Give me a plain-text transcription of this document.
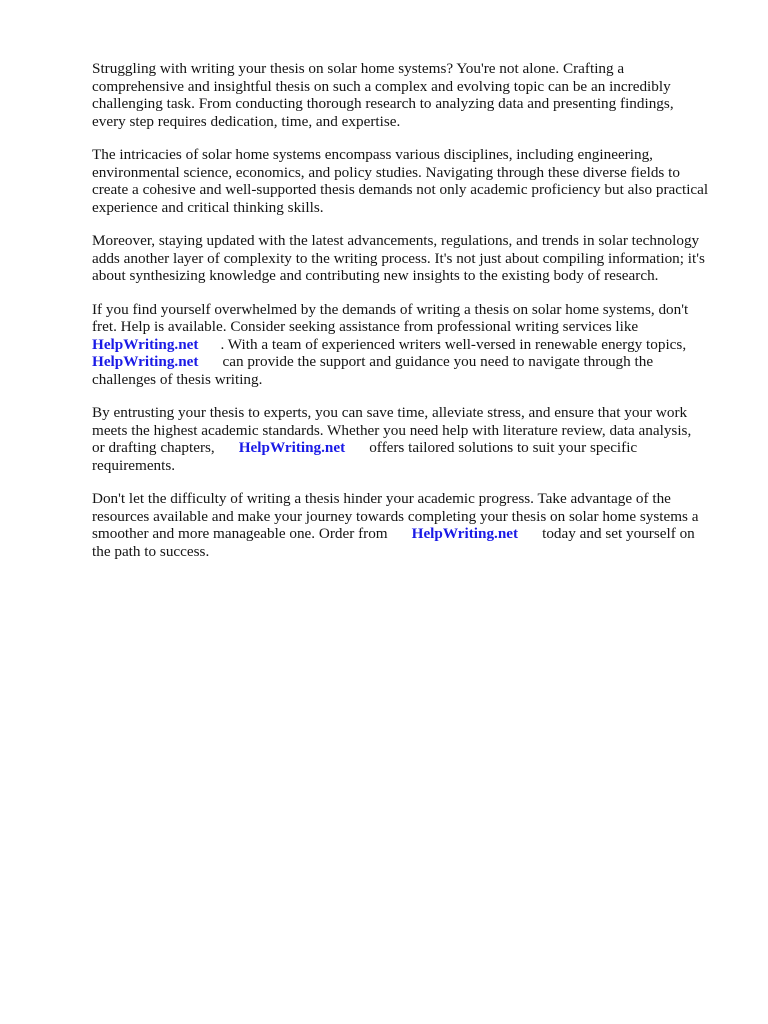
Struggling with writing your thesis on solar home systems? You're not alone. Crafting a
comprehensive and insightful thesis on such a complex and evolving topic can be an incredibly
challenging task. From conducting thorough research to analyzing data and presenting findings,
every step requires dedication, time, and expertise.

The intricacies of solar home systems encompass various disciplines, including engineering,
environmental science, economics, and policy studies. Navigating through these diverse fields to
create a cohesive and well-supported thesis demands not only academic proficiency but also practical
experience and critical thinking skills.

Moreover, staying updated with the latest advancements, regulations, and trends in solar technology
adds another layer of complexity to the writing process. It's not just about compiling information; it's
about synthesizing knowledge and contributing new insights to the existing body of research.

If you find yourself overwhelmed by the demands of writing a thesis on solar home systems, don't
fret. Help is available. Consider seeking assistance from professional writing services like
HelpWriting.net . With a team of experienced writers well-versed in renewable energy topics,
HelpWriting.net can provide the support and guidance you need to navigate through the
challenges of thesis writing.

By entrusting your thesis to experts, you can save time, alleviate stress, and ensure that your work
meets the highest academic standards. Whether you need help with literature review, data analysis,
or drafting chapters, HelpWriting.net offers tailored solutions to suit your specific
requirements.

Don't let the difficulty of writing a thesis hinder your academic progress. Take advantage of the
resources available and make your journey towards completing your thesis on solar home systems a
smoother and more manageable one. Order from HelpWriting.net today and set yourself on
the path to success.
